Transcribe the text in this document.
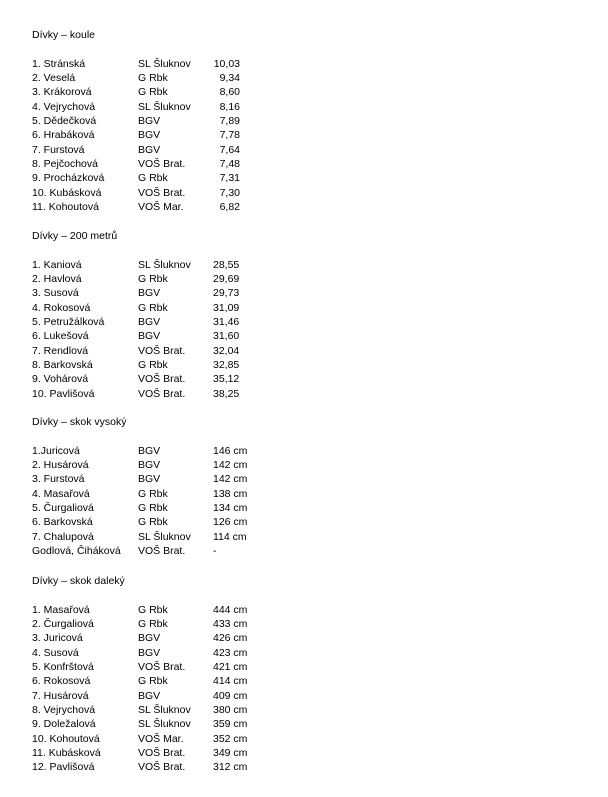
Dívky – koule
1. Stránská	SL Šluknov 10,03
2. Veselá	G Rbk	9,34
3. Krákorová	G Rbk	8,60
4. Vejrychová	SL Šluknov	8,16
5. Dědečková	BGV	7,89
6. Hrabáková	BGV	7,78
7. Furstová	BGV	7,64
8. Pejčochová	VOŠ Brat.	7,48
9. Procházková	G Rbk	7,31
10. Kubásková	VOŠ Brat.	7,30
11. Kohoutová	VOŠ Mar.	6,82
Dívky – 200 metrů
1. Kaniová	SL Šluknov 28,55
2. Havlová	G Rbk	29,69
3. Susová	BGV	29,73
4. Rokosová	G Rbk	31,09
5. Petružálková	BGV	31,46
6. Lukešová	BGV	31,60
7. Rendlová	VOŠ Brat.	32,04
8. Barkovská	G Rbk	32,85
9. Vohárová	VOŠ Brat.	35,12
10. Pavlišová	VOŠ Brat.	38,25
Dívky – skok vysoký
1.Juricová	BGV	146 cm
2. Husárová	BGV	142 cm
3. Furstová	BGV	142 cm
4. Masařová	G Rbk	138 cm
5. Čurgaliová	G Rbk	134 cm
6. Barkovská	G Rbk	126 cm
7. Chalupová	SL Šluknov 114 cm
Godlová, Čiháková VOŠ Brat.	-
Dívky – skok daleký
1. Masařová	G Rbk	444 cm
2. Čurgaliová	G Rbk	433 cm
3. Juricová	BGV	426 cm
4. Susová	BGV	423 cm
5. Konfrštová	VOŠ Brat.	421 cm
6. Rokosová	G Rbk	414 cm
7. Husárová	BGV	409 cm
8. Vejrychová	SL Šluknov 380 cm
9. Doležalová	SL Šluknov 359 cm
10. Kohoutová	VOŠ Mar.	352 cm
11. Kubásková	VOŠ Brat.	349 cm
12. Pavlišová	VOŠ Brat.	312 cm
